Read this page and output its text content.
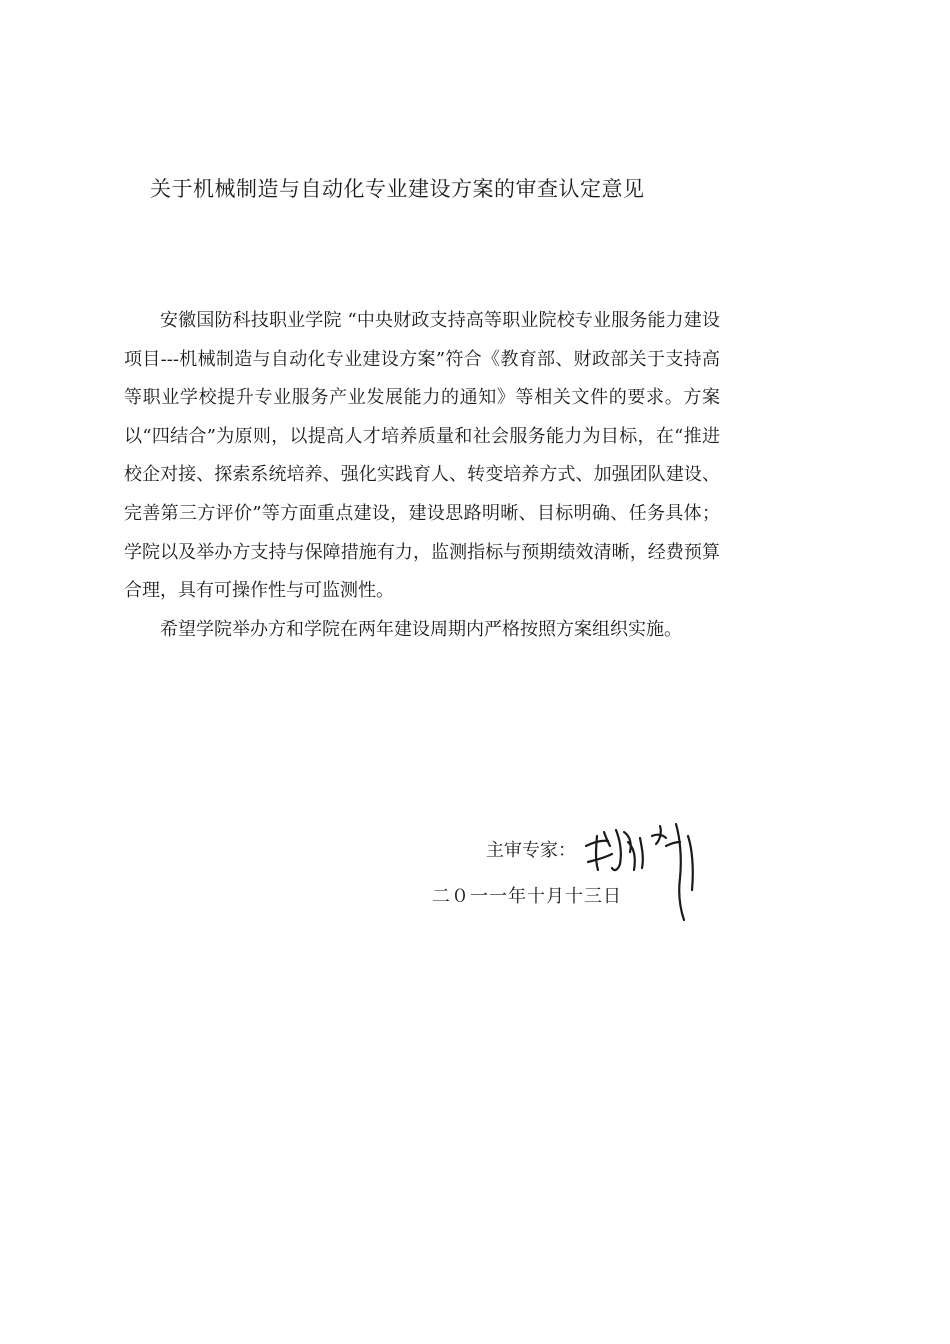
关于机械制造与自动化专业建设方案的审查认定意见

安徽国防科技职业学院 “中央财政支持高等职业院校专业服务能力建设项目---机械制造与自动化专业建设方案”符合《教育部、财政部关于支持高等职业学校提升专业服务产业发展能力的通知》等相关文件的要求。方案以“四结合”为原则，以提高人才培养质量和社会服务能力为目标，在“推进校企对接、探索系统培养、强化实践育人、转变培养方式、加强团队建设、完善第三方评价”等方面重点建设，建设思路明晰、目标明确、任务具体；学院以及举办方支持与保障措施有力，监测指标与预期绩效清晰，经费预算合理，具有可操作性与可监测性。

希望学院举办方和学院在两年建设周期内严格按照方案组织实施。

主审专家：
二０一一年十月十三日
